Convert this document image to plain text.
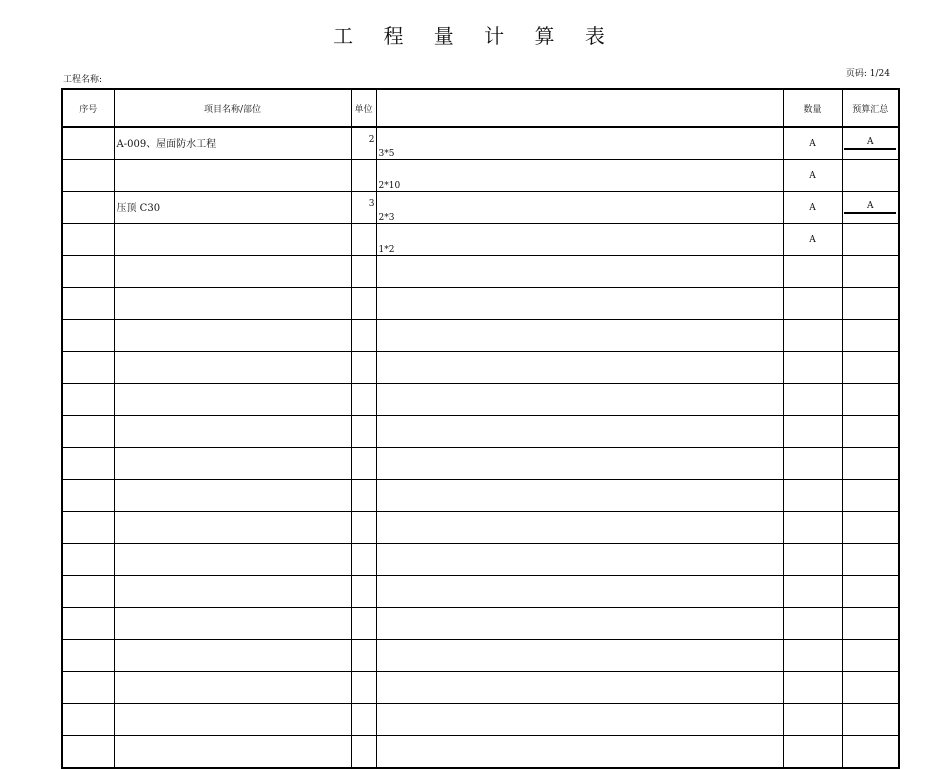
工 程 量 计 算 表
工程名称:
页码: 1/24
序号	项目名称/部位	单位		数量	预算汇总
	A-009、屋面防水工程	2	3*5	A	A
			2*10	A	
	压顶 C30	3	2*3	A	A
			1*2	A	
